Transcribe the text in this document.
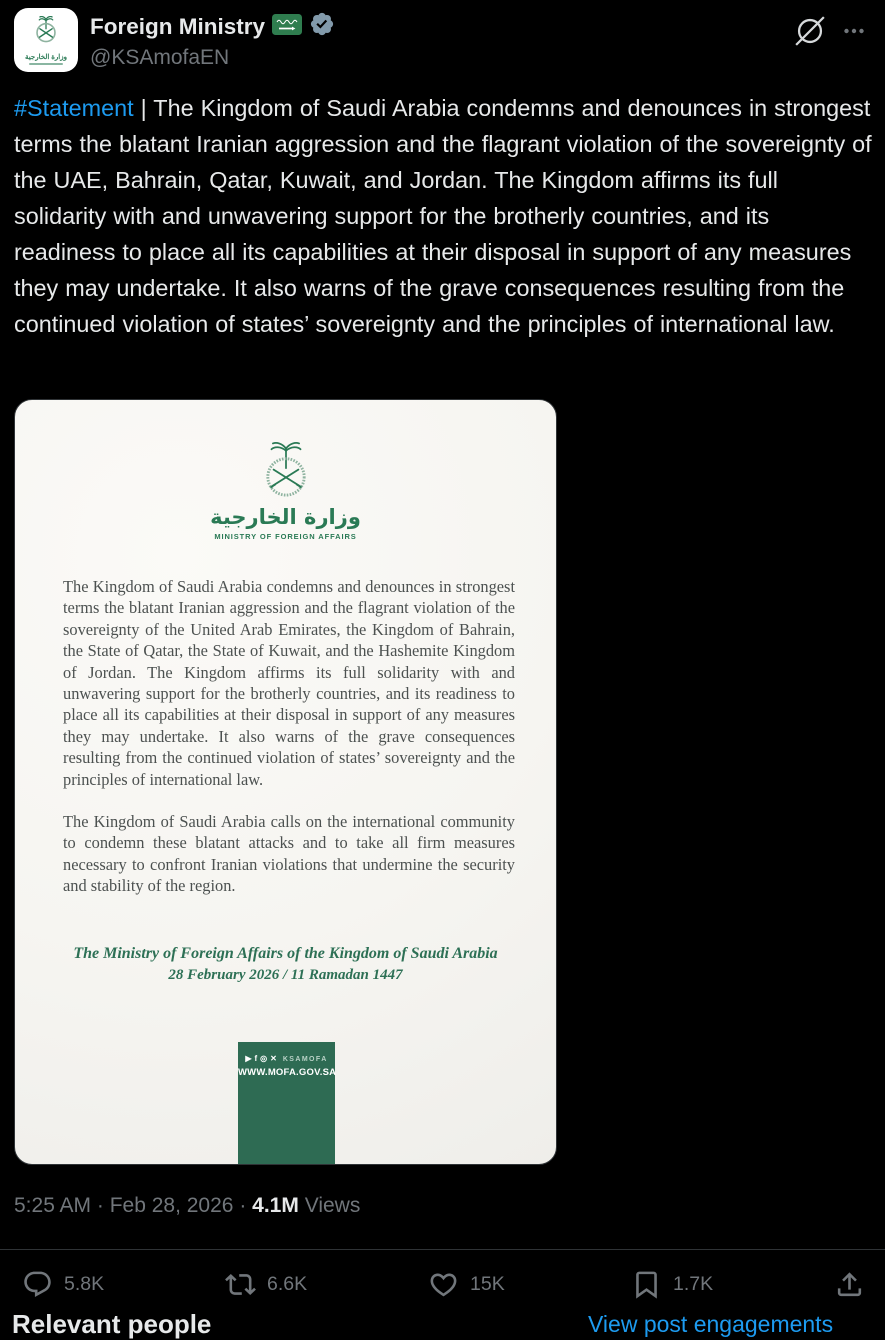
وزارة الخارجية
Foreign Ministry
@KSAmofaEN

#Statement | The Kingdom of Saudi Arabia condemns and denounces in strongest terms the blatant Iranian aggression and the flagrant violation of the sovereignty of the UAE, Bahrain, Qatar, Kuwait, and Jordan. The Kingdom affirms its full solidarity with and unwavering support for the brotherly countries, and its readiness to place all its capabilities at their disposal in support of any measures they may undertake. It also warns of the grave consequences resulting from the continued violation of states’ sovereignty and the principles of international law.

وزارة الخارجية
MINISTRY OF FOREIGN AFFAIRS

The Kingdom of Saudi Arabia condemns and denounces in strongest terms the blatant Iranian aggression and the flagrant violation of the sovereignty of the United Arab Emirates, the Kingdom of Bahrain, the State of Qatar, the State of Kuwait, and the Hashemite Kingdom of Jordan. The Kingdom affirms its full solidarity with and unwavering support for the brotherly countries, and its readiness to place all its capabilities at their disposal in support of any measures they may undertake. It also warns of the grave consequences resulting from the continued violation of states’ sovereignty and the principles of international law.

The Kingdom of Saudi Arabia calls on the international community to condemn these blatant attacks and to take all firm measures necessary to confront Iranian violations that undermine the security and stability of the region.

The Ministry of Foreign Affairs of the Kingdom of Saudi Arabia
28 February 2026 / 11 Ramadan 1447
▶ f ◎ ✕ KSAMOFA
WWW.MOFA.GOV.SA
5:25 AM · Feb 28, 2026 · 4.1M Views
5.8K	6.6K	15K	1.7K
Relevant people	View post engagements
